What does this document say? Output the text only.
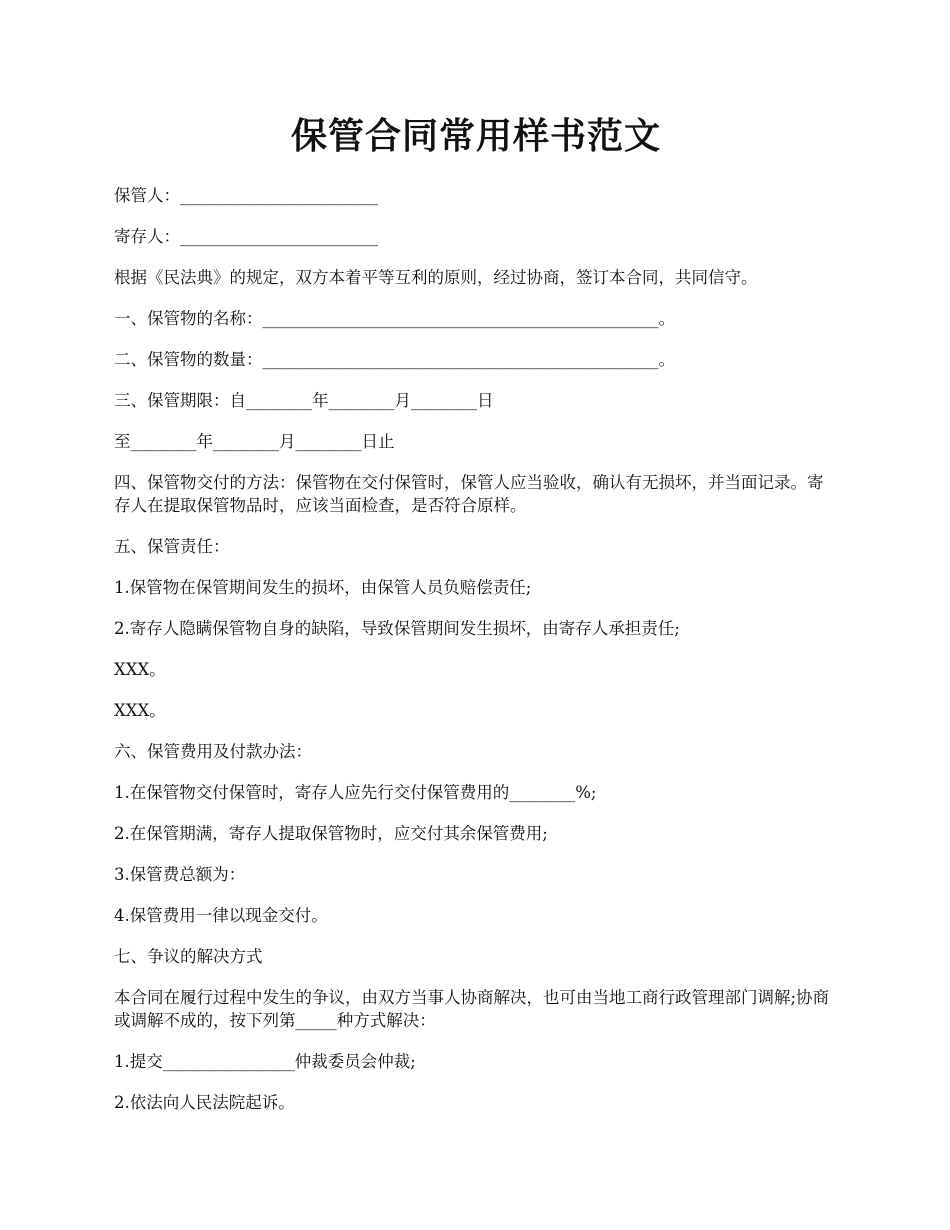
保管合同常用样书范文

保管人：________________________

寄存人：________________________

根据《民法典》的规定，双方本着平等互利的原则，经过协商，签订本合同，共同信守。

一、保管物的名称：________________________________________________。

二、保管物的数量：________________________________________________。

三、保管期限：自________年________月________日

至________年________月________日止

四、保管物交付的方法：保管物在交付保管时，保管人应当验收，确认有无损坏，并当面记录。寄存人在提取保管物品时，应该当面检查，是否符合原样。

五、保管责任：

1.保管物在保管期间发生的损坏，由保管人员负赔偿责任;

2.寄存人隐瞒保管物自身的缺陷，导致保管期间发生损坏，由寄存人承担责任;

XXX。

XXX。

六、保管费用及付款办法：

1.在保管物交付保管时，寄存人应先行交付保管费用的________%;

2.在保管期满，寄存人提取保管物时，应交付其余保管费用;

3.保管费总额为：

4.保管费用一律以现金交付。

七、争议的解决方式

本合同在履行过程中发生的争议，由双方当事人协商解决，也可由当地工商行政管理部门调解;协商或调解不成的，按下列第_____种方式解决：

1.提交________________仲裁委员会仲裁;

2.依法向人民法院起诉。
